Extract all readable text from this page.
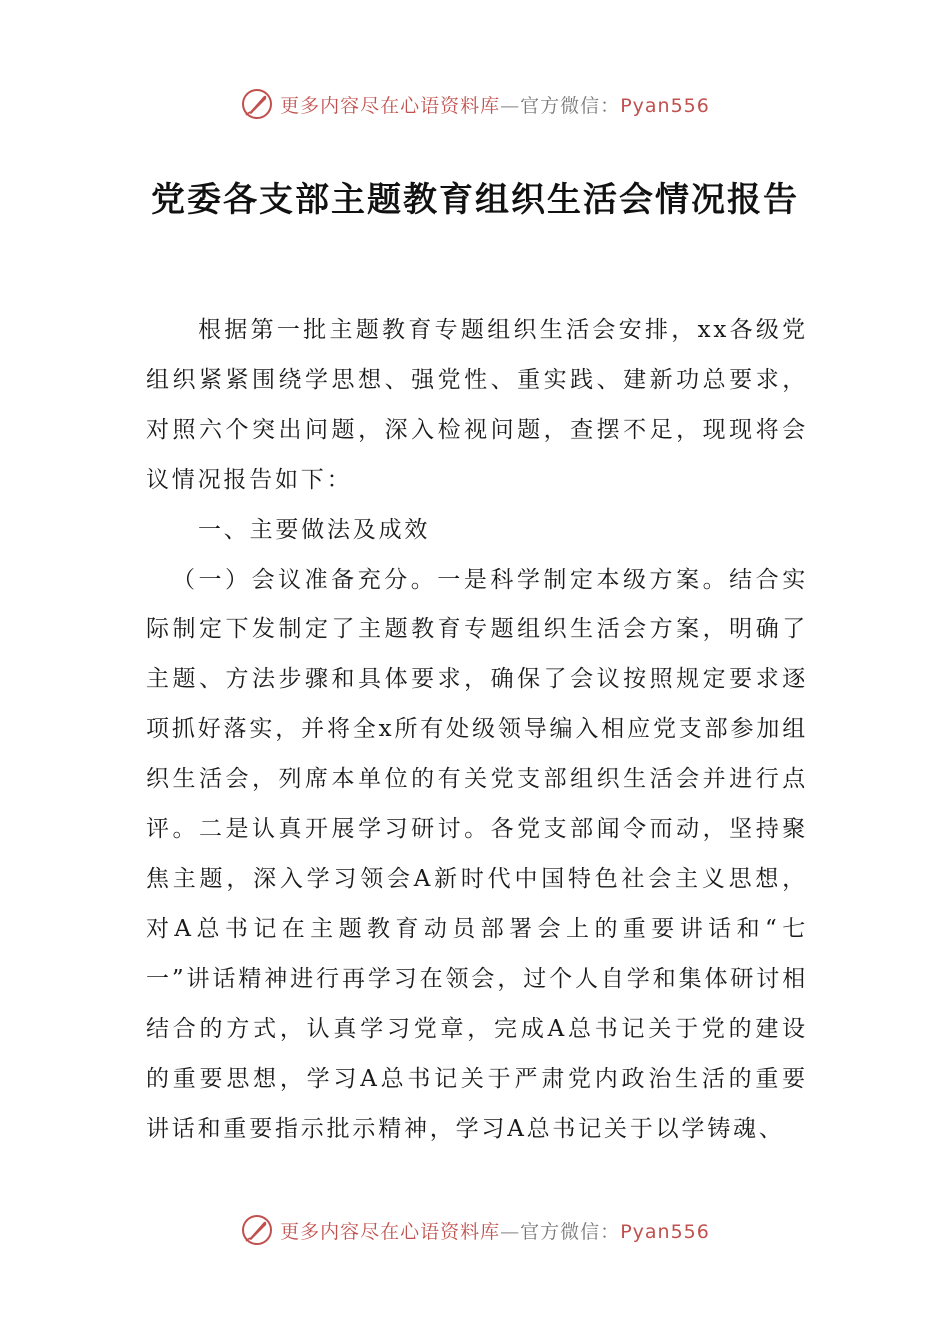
更多内容尽在心语资料库—官方微信：Pyan556
党委各支部主题教育组织生活会情况报告

根据第一批主题教育专题组织生活会安排，xx各级党组织紧紧围绕学思想、强党性、重实践、建新功总要求，对照六个突出问题，深入检视问题，查摆不足，现现将会议情况报告如下：

一、主要做法及成效

（一）会议准备充分。一是科学制定本级方案。结合实际制定下发制定了主题教育专题组织生活会方案，明确了主题、方法步骤和具体要求，确保了会议按照规定要求逐项抓好落实，并将全x所有处级领导编入相应党支部参加组织生活会，列席本单位的有关党支部组织生活会并进行点评。二是认真开展学习研讨。各党支部闻令而动，坚持聚焦主题，深入学习领会A新时代中国特色社会主义思想，对A总书记在主题教育动员部署会上的重要讲话和“七一”讲话精神进行再学习在领会，过个人自学和集体研讨相结合的方式，认真学习党章，完成A总书记关于党的建设的重要思想，学习A总书记关于严肃党内政治生活的重要讲话和重要指示批示精神，学习A总书记关于以学铸魂、

更多内容尽在心语资料库—官方微信：Pyan556
